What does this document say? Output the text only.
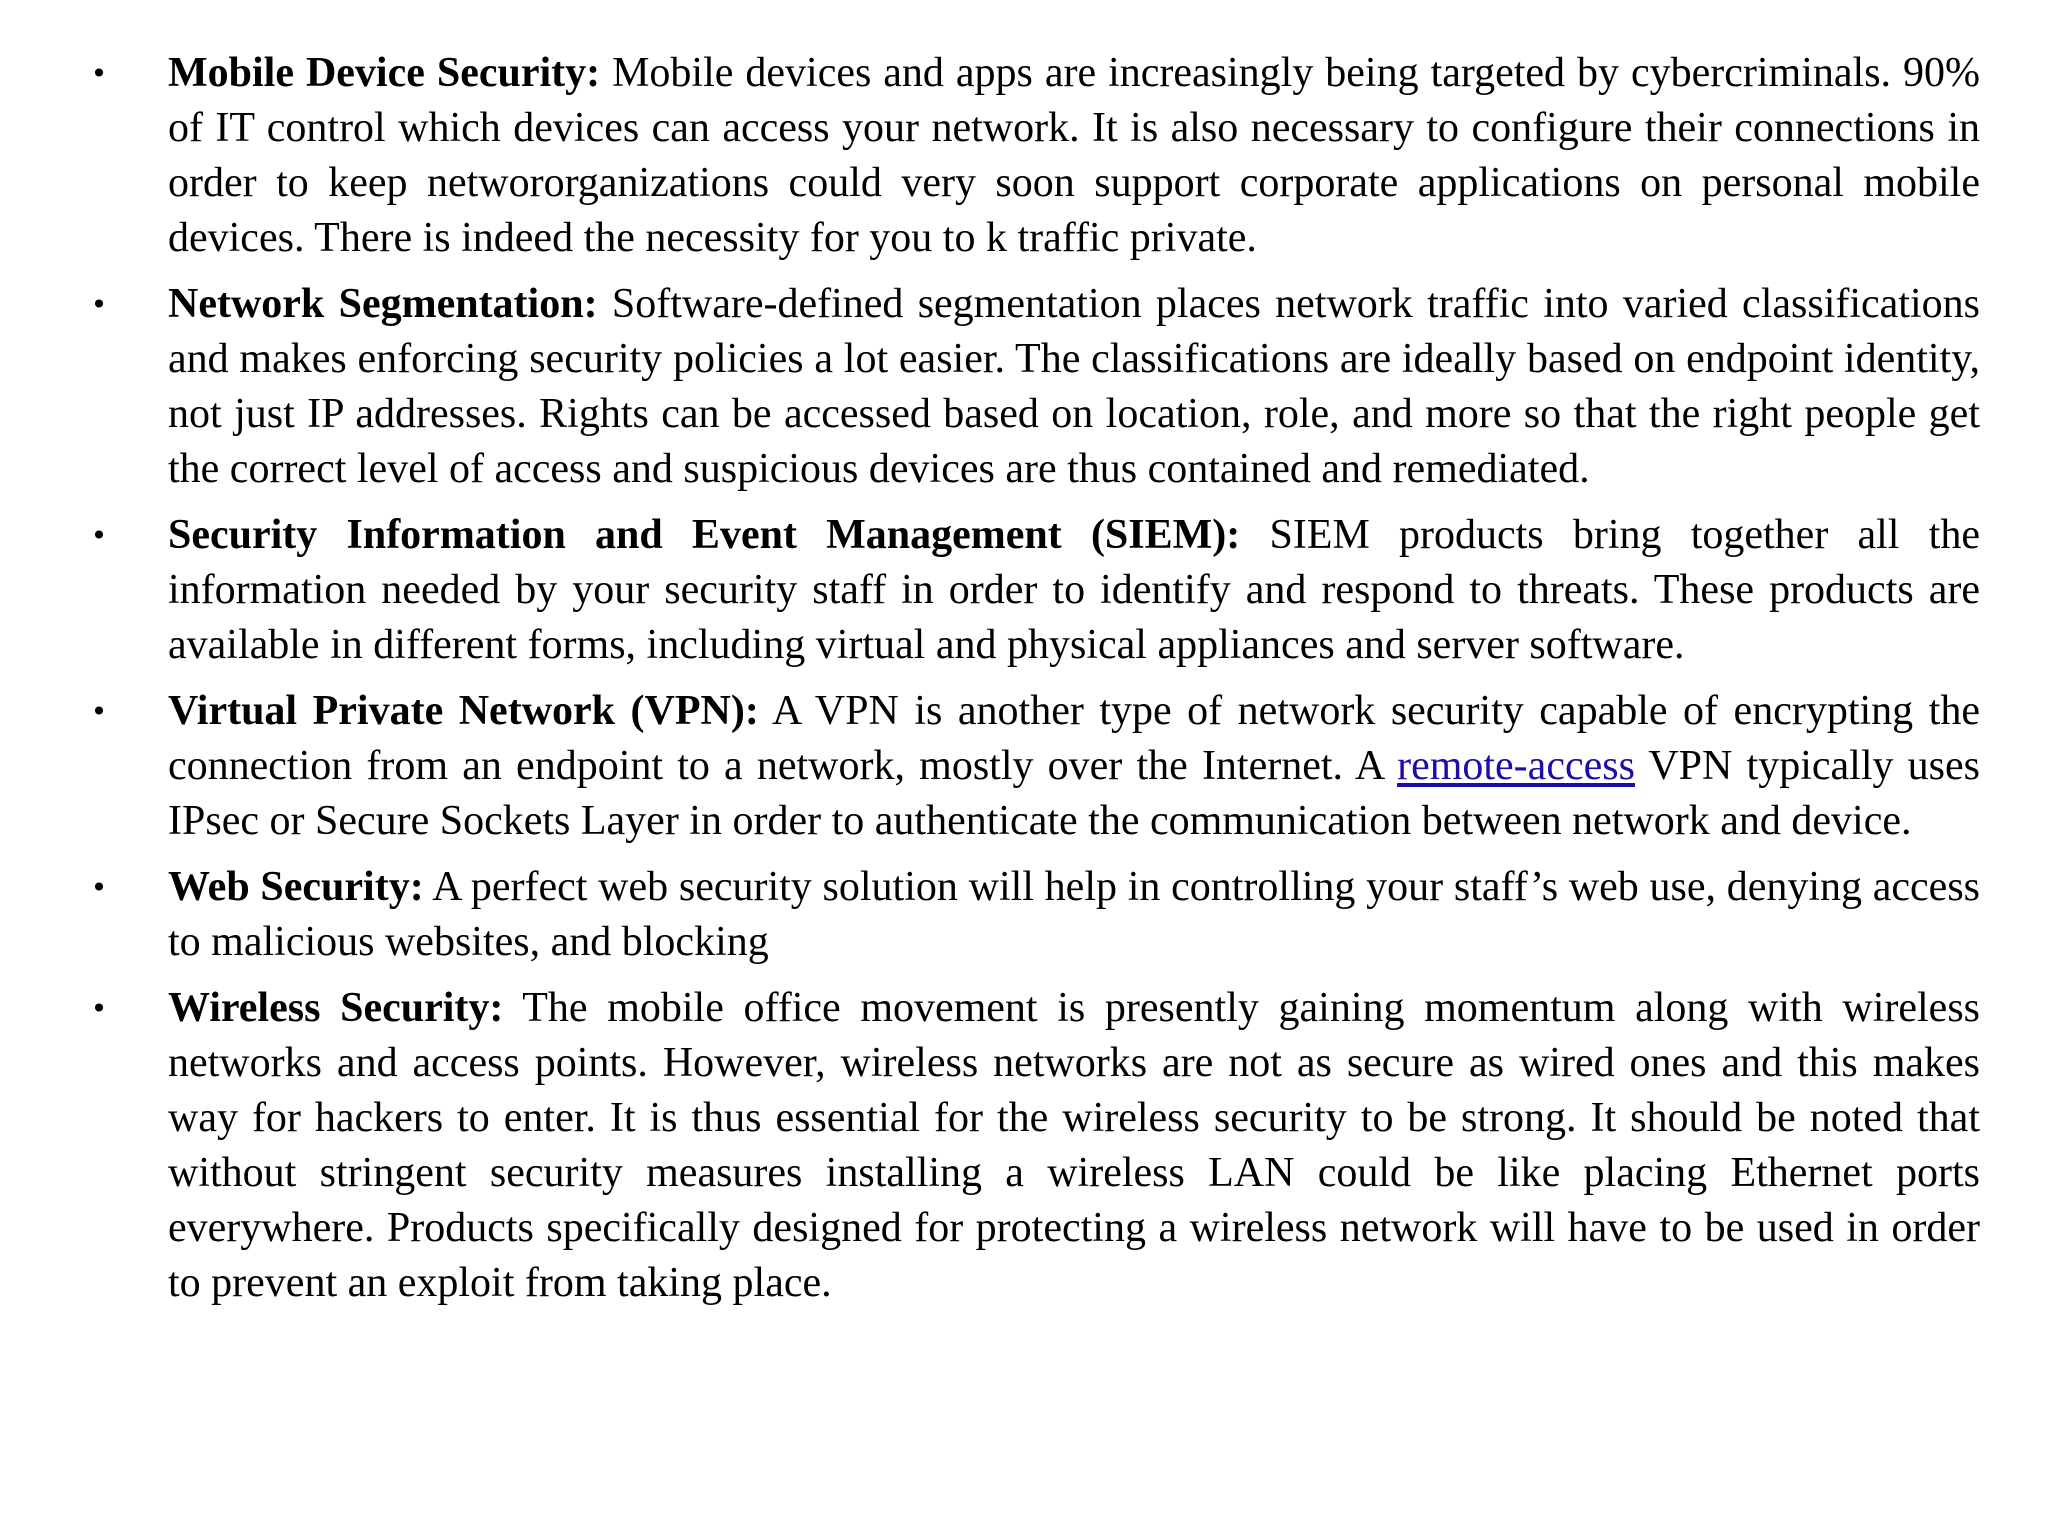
• Mobile Device Security: Mobile devices and apps are increasingly being targeted by cybercriminals. 90% of IT control which devices can access your network. It is also necessary to configure their connections in order to keep networorganizations could very soon support corporate applications on personal mobile devices. There is indeed the necessity for you to k traffic private.
• Network Segmentation: Software-defined segmentation places network traffic into varied classifications and makes enforcing security policies a lot easier. The classifications are ideally based on endpoint identity, not just IP addresses. Rights can be accessed based on location, role, and more so that the right people get the correct level of access and suspicious devices are thus contained and remediated.
• Security Information and Event Management (SIEM): SIEM products bring together all the information needed by your security staff in order to identify and respond to threats. These products are available in different forms, including virtual and physical appliances and server software.
• Virtual Private Network (VPN): A VPN is another type of network security capable of encrypting the connection from an endpoint to a network, mostly over the Internet. A remote-access VPN typically uses IPsec or Secure Sockets Layer in order to authenticate the communication between network and device.
• Web Security: A perfect web security solution will help in controlling your staff’s web use, denying access to malicious websites, and blocking
• Wireless Security: The mobile office movement is presently gaining momentum along with wireless networks and access points. However, wireless networks are not as secure as wired ones and this makes way for hackers to enter. It is thus essential for the wireless security to be strong. It should be noted that without stringent security measures installing a wireless LAN could be like placing Ethernet ports everywhere. Products specifically designed for protecting a wireless network will have to be used in order to prevent an exploit from taking place.
